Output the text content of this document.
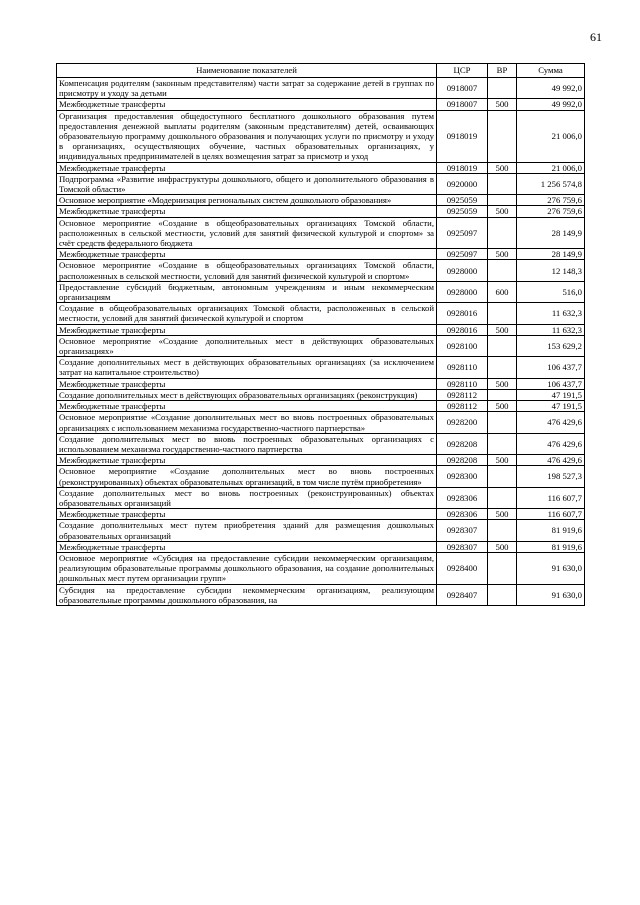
61
Наименование показателей	ЦСР	ВР	Сумма
Компенсация родителям (законным представителям) части затрат за содержание детей в группах по присмотру и уходу за детьми	0918007		49 992,0
Межбюджетные трансферты	0918007	500	49 992,0
Организация предоставления общедоступного бесплатного дошкольного образования путем предоставления денежной выплаты родителям (законным представителям) детей, осваивающих образовательную программу дошкольного образования и получающих услуги по присмотру и уходу в организациях, осуществляющих обучение, частных образовательных организациях, у индивидуальных предпринимателей в целях возмещения затрат за присмотр и уход	0918019		21 006,0
Межбюджетные трансферты	0918019	500	21 006,0
Подпрограмма «Развитие инфраструктуры дошкольного, общего и дополнительного образования в Томской области»	0920000		1 256 574,8
Основное мероприятие «Модернизация региональных систем дошкольного образования»	0925059		276 759,6
Межбюджетные трансферты	0925059	500	276 759,6
Основное мероприятие «Создание в общеобразовательных организациях Томской области, расположенных в сельской местности, условий для занятий физической культурой и спортом» за счёт средств федерального бюджета	0925097		28 149,9
Межбюджетные трансферты	0925097	500	28 149,9
Основное мероприятие «Создание в общеобразовательных организациях Томской области, расположенных в сельской местности, условий для занятий физической культурой и спортом»	0928000		12 148,3
Предоставление субсидий бюджетным, автономным учреждениям и иным некоммерческим организациям	0928000	600	516,0
Создание в общеобразовательных организациях Томской области, расположенных в сельской местности, условий для занятий физической культурой и спортом	0928016		11 632,3
Межбюджетные трансферты	0928016	500	11 632,3
Основное мероприятие «Создание дополнительных мест в действующих образовательных организациях»	0928100		153 629,2
Создание дополнительных мест в действующих образовательных организациях (за исключением затрат на капитальное строительство)	0928110		106 437,7
Межбюджетные трансферты	0928110	500	106 437,7
Создание дополнительных мест в действующих образовательных организациях (реконструкция)	0928112		47 191,5
Межбюджетные трансферты	0928112	500	47 191,5
Основное мероприятие «Создание дополнительных мест во вновь построенных образовательных организациях с использованием механизма государственно-частного партнерства»	0928200		476 429,6
Создание дополнительных мест во вновь построенных образовательных организациях с использованием механизма государственно-частного партнерства	0928208		476 429,6
Межбюджетные трансферты	0928208	500	476 429,6
Основное мероприятие «Создание дополнительных мест во вновь построенных (реконструированных) объектах образовательных организаций, в том числе путём приобретения»	0928300		198 527,3
Создание дополнительных мест во вновь построенных (реконструированных) объектах образовательных организаций	0928306		116 607,7
Межбюджетные трансферты	0928306	500	116 607,7
Создание дополнительных мест путем приобретения зданий для размещения дошкольных образовательных организаций	0928307		81 919,6
Межбюджетные трансферты	0928307	500	81 919,6
Основное мероприятие «Субсидия на предоставление субсидии некоммерческим организациям, реализующим образовательные программы дошкольного образования, на создание дополнительных дошкольных мест путем организации групп»	0928400		91 630,0
Субсидия на предоставление субсидии некоммерческим организациям, реализующим образовательные программы дошкольного образования, на	0928407		91 630,0
